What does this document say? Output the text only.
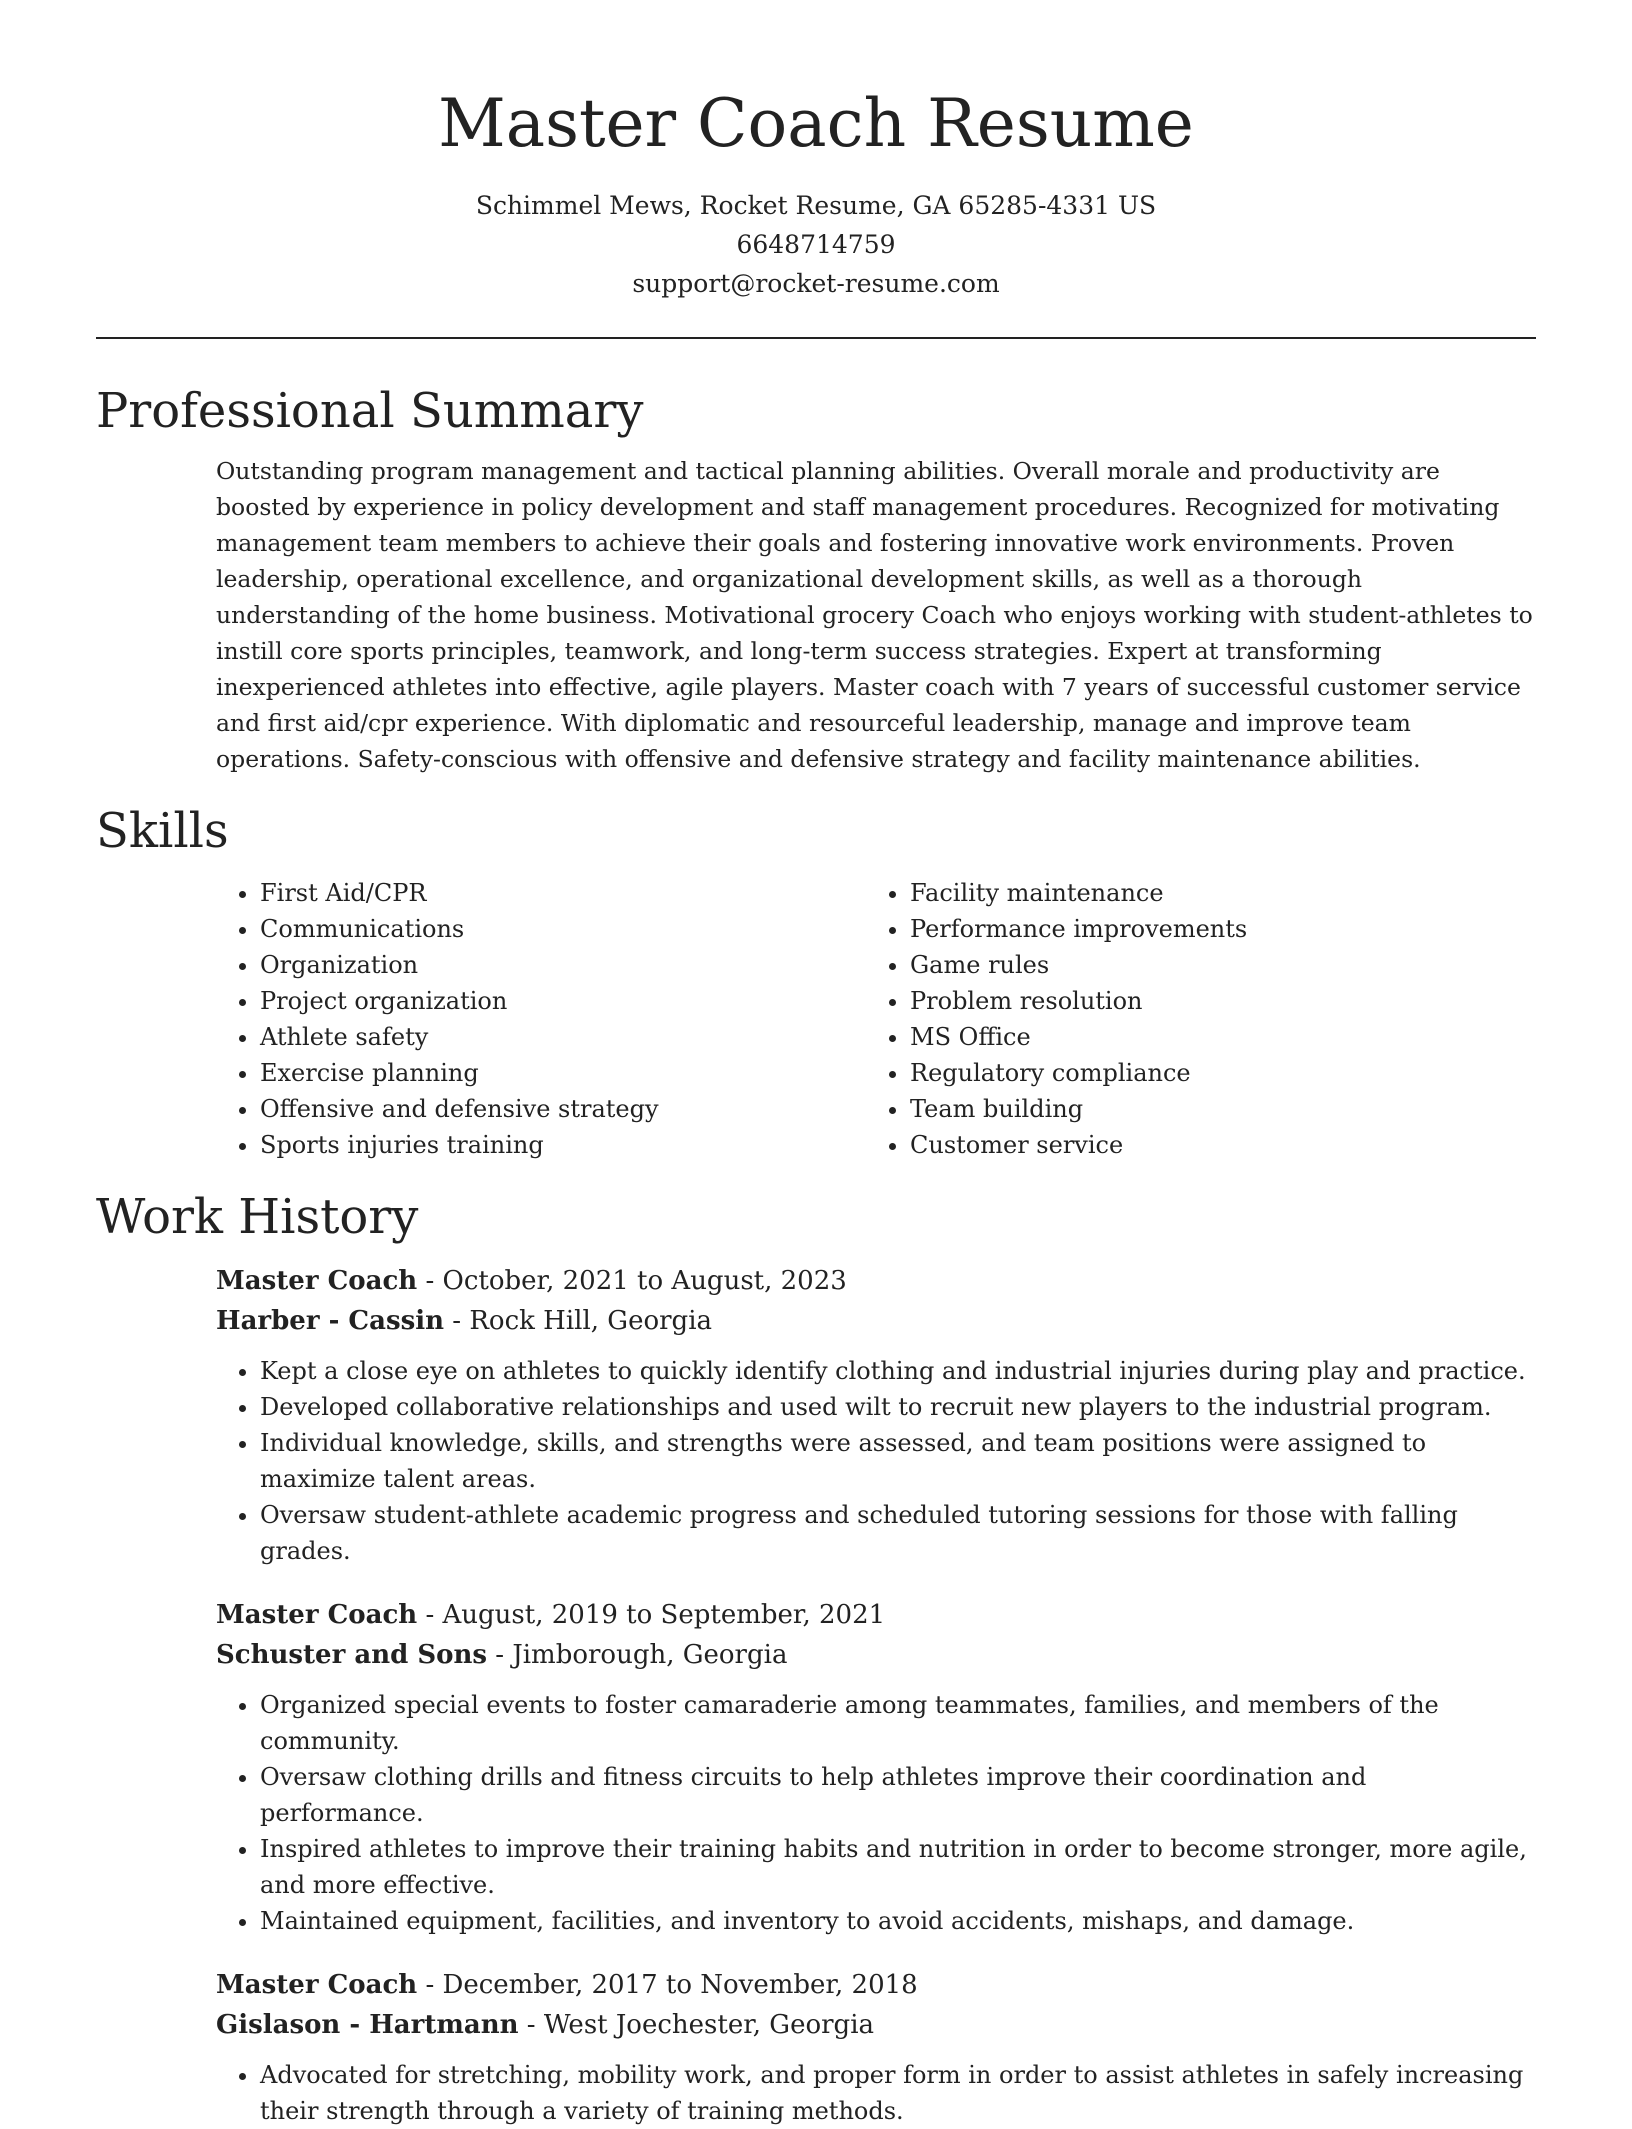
Master Coach Resume

Schimmel Mews, Rocket Resume, GA 65285-4331 US

6648714759

support@rocket-resume.com

Professional Summary

Outstanding program management and tactical planning abilities. Overall morale and productivity are boosted by experience in policy development and staff management procedures. Recognized for motivating management team members to achieve their goals and fostering innovative work environments. Proven leadership, operational excellence, and organizational development skills, as well as a thorough understanding of the home business. Motivational grocery Coach who enjoys working with student-athletes to instill core sports principles, teamwork, and long-term success strategies. Expert at transforming inexperienced athletes into effective, agile players. Master coach with 7 years of successful customer service and first aid/cpr experience. With diplomatic and resourceful leadership, manage and improve team operations. Safety-conscious with offensive and defensive strategy and facility maintenance abilities.

Skills
• First Aid/CPR
• Communications
• Organization
• Project organization
• Athlete safety
• Exercise planning
• Offensive and defensive strategy
• Sports injuries training
• Facility maintenance
• Performance improvements
• Game rules
• Problem resolution
• MS Office
• Regulatory compliance
• Team building
• Customer service
Work History

Master Coach - October, 2021 to August, 2023

Harber - Cassin - Rock Hill, Georgia

• Kept a close eye on athletes to quickly identify clothing and industrial injuries during play and practice.
• Developed collaborative relationships and used wilt to recruit new players to the industrial program.
• Individual knowledge, skills, and strengths were assessed, and team positions were assigned to maximize talent areas.
• Oversaw student-athlete academic progress and scheduled tutoring sessions for those with falling grades.

Master Coach - August, 2019 to September, 2021

Schuster and Sons - Jimborough, Georgia

• Organized special events to foster camaraderie among teammates, families, and members of the community.
• Oversaw clothing drills and fitness circuits to help athletes improve their coordination and performance.
• Inspired athletes to improve their training habits and nutrition in order to become stronger, more agile, and more effective.
• Maintained equipment, facilities, and inventory to avoid accidents, mishaps, and damage.

Master Coach - December, 2017 to November, 2018

Gislason - Hartmann - West Joechester, Georgia

• Advocated for stretching, mobility work, and proper form in order to assist athletes in safely increasing their strength through a variety of training methods.
